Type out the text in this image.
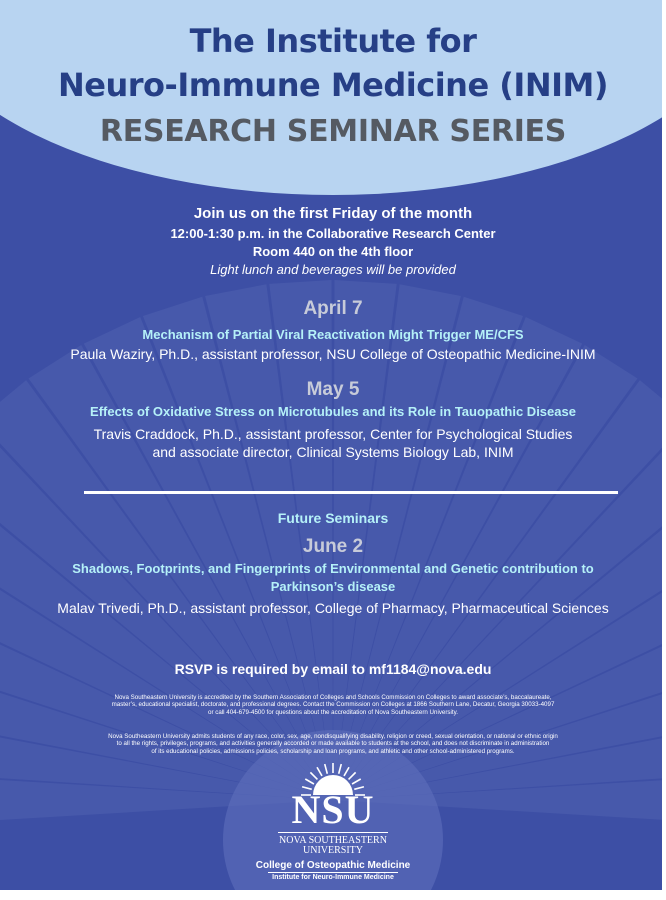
The Institute for
Neuro-Immune Medicine (INIM)
RESEARCH SEMINAR SERIES
Join us on the first Friday of the month
12:00-1:30 p.m. in the Collaborative Research Center
Room 440 on the 4th floor
Light lunch and beverages will be provided
April 7
Mechanism of Partial Viral Reactivation Might Trigger ME/CFS
Paula Waziry, Ph.D., assistant professor, NSU College of Osteopathic Medicine-INIM
May 5
Effects of Oxidative Stress on Microtubules and its Role in Tauopathic Disease
Travis Craddock, Ph.D., assistant professor, Center for Psychological Studies
and associate director, Clinical Systems Biology Lab, INIM
Future Seminars
June 2
Shadows, Footprints, and Fingerprints of Environmental and Genetic contribution to
Parkinson’s disease
Malav Trivedi, Ph.D., assistant professor, College of Pharmacy, Pharmaceutical Sciences
RSVP is required by email to mf1184@nova.edu
Nova Southeastern University is accredited by the Southern Association of Colleges and Schools Commission on Colleges to award associate’s, baccalaureate,
master’s, educational specialist, doctorate, and professional degrees. Contact the Commission on Colleges at 1866 Southern Lane, Decatur, Georgia 30033-4097
or call 404-679-4500 for questions about the accreditation of Nova Southeastern University.
Nova Southeastern University admits students of any race, color, sex, age, nondisqualifying disability, religion or creed, sexual orientation, or national or ethnic origin
to all the rights, privileges, programs, and activities generally accorded or made available to students at the school, and does not discriminate in administration
of its educational policies, admissions policies, scholarship and loan programs, and athletic and other school-administered programs.
NSU
NOVA SOUTHEASTERN
UNIVERSITY
College of Osteopathic Medicine
Institute for Neuro-Immune Medicine
